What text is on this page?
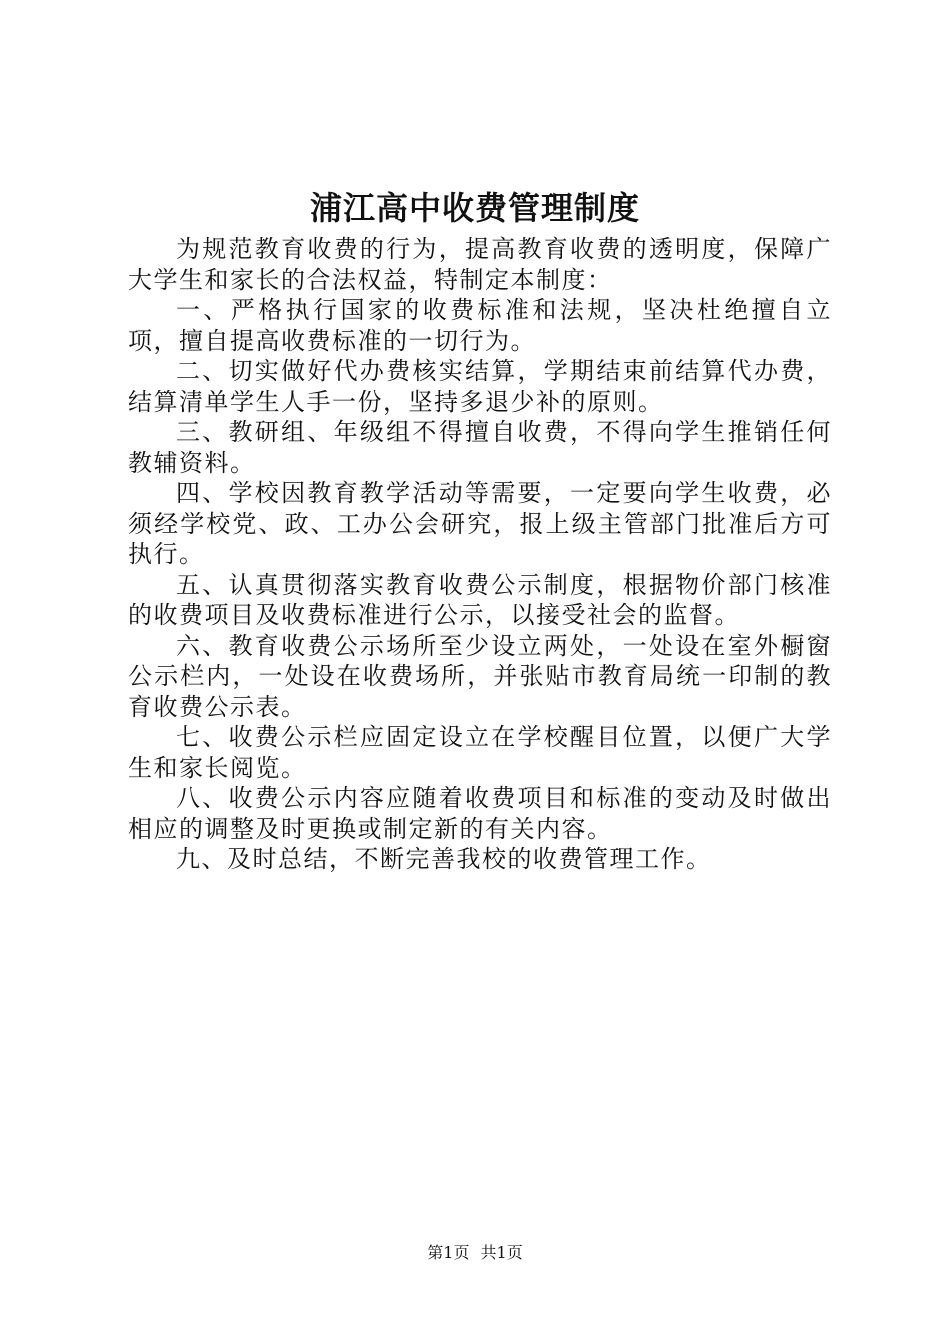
浦江高中收费管理制度

为规范教育收费的行为，提高教育收费的透明度，保障广大学生和家长的合法权益，特制定本制度：

一、严格执行国家的收费标准和法规，坚决杜绝擅自立项，擅自提高收费标准的一切行为。

二、切实做好代办费核实结算，学期结束前结算代办费，结算清单学生人手一份，坚持多退少补的原则。

三、教研组、年级组不得擅自收费，不得向学生推销任何教辅资料。

四、学校因教育教学活动等需要，一定要向学生收费，必须经学校党、政、工办公会研究，报上级主管部门批准后方可执行。

五、认真贯彻落实教育收费公示制度，根据物价部门核准的收费项目及收费标准进行公示，以接受社会的监督。

六、教育收费公示场所至少设立两处，一处设在室外橱窗公示栏内，一处设在收费场所，并张贴市教育局统一印制的教育收费公示表。

七、收费公示栏应固定设立在学校醒目位置，以便广大学生和家长阅览。

八、收费公示内容应随着收费项目和标准的变动及时做出相应的调整及时更换或制定新的有关内容。

九、及时总结，不断完善我校的收费管理工作。

第1页 共1页
